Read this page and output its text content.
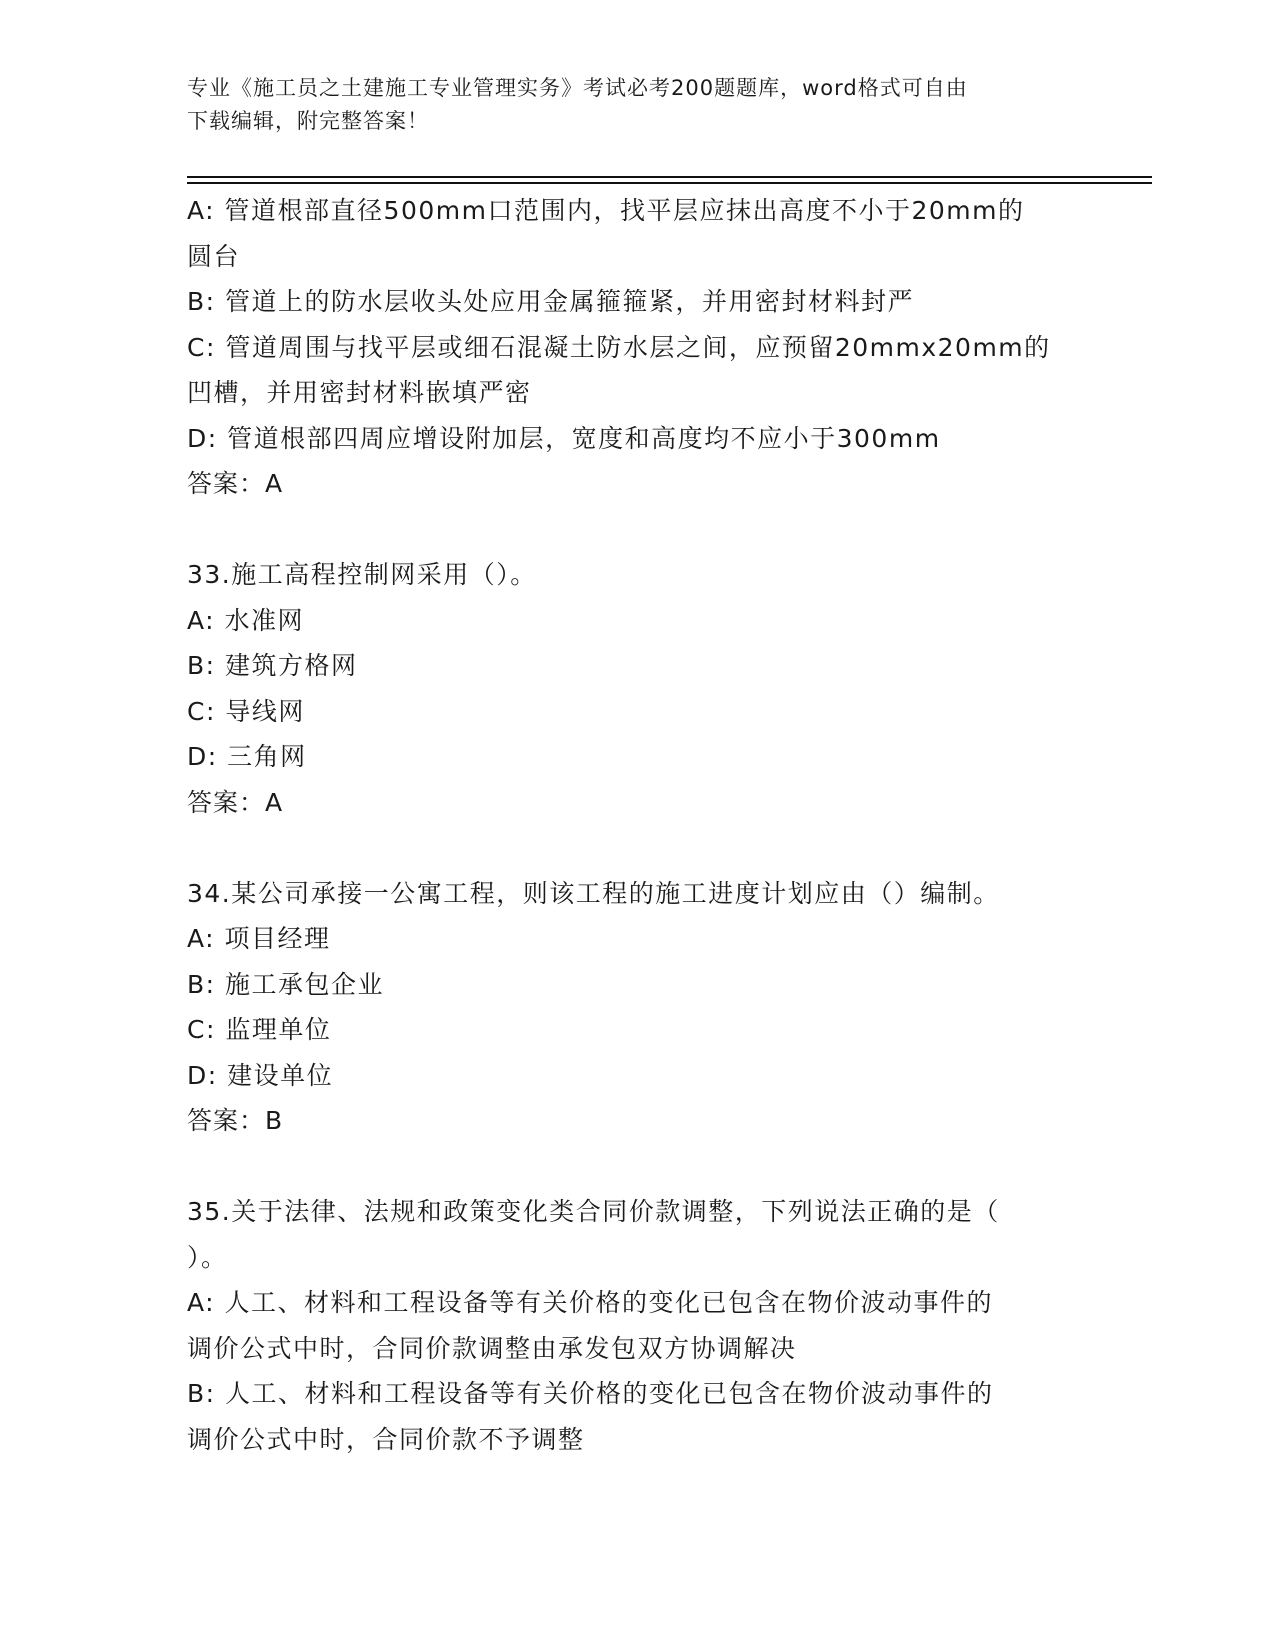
专业《施工员之土建施工专业管理实务》考试必考200题题库，word格式可自由
下载编辑，附完整答案！
A: 管道根部直径500mm口范围内，找平层应抹出高度不小于20mm的
圆台
B: 管道上的防水层收头处应用金属箍箍紧，并用密封材料封严
C: 管道周围与找平层或细石混凝土防水层之间，应预留20mmx20mm的
凹槽，并用密封材料嵌填严密
D: 管道根部四周应增设附加层，宽度和高度均不应小于300mm
答案：A
33.施工高程控制网采用（）。
A: 水准网
B: 建筑方格网
C: 导线网
D: 三角网
答案：A
34.某公司承接一公寓工程，则该工程的施工进度计划应由（）编制。
A: 项目经理
B: 施工承包企业
C: 监理单位
D: 建设单位
答案：B
35.关于法律、法规和政策变化类合同价款调整，下列说法正确的是（
）。
A: 人工、材料和工程设备等有关价格的变化已包含在物价波动事件的
调价公式中时，合同价款调整由承发包双方协调解决
B: 人工、材料和工程设备等有关价格的变化已包含在物价波动事件的
调价公式中时，合同价款不予调整
